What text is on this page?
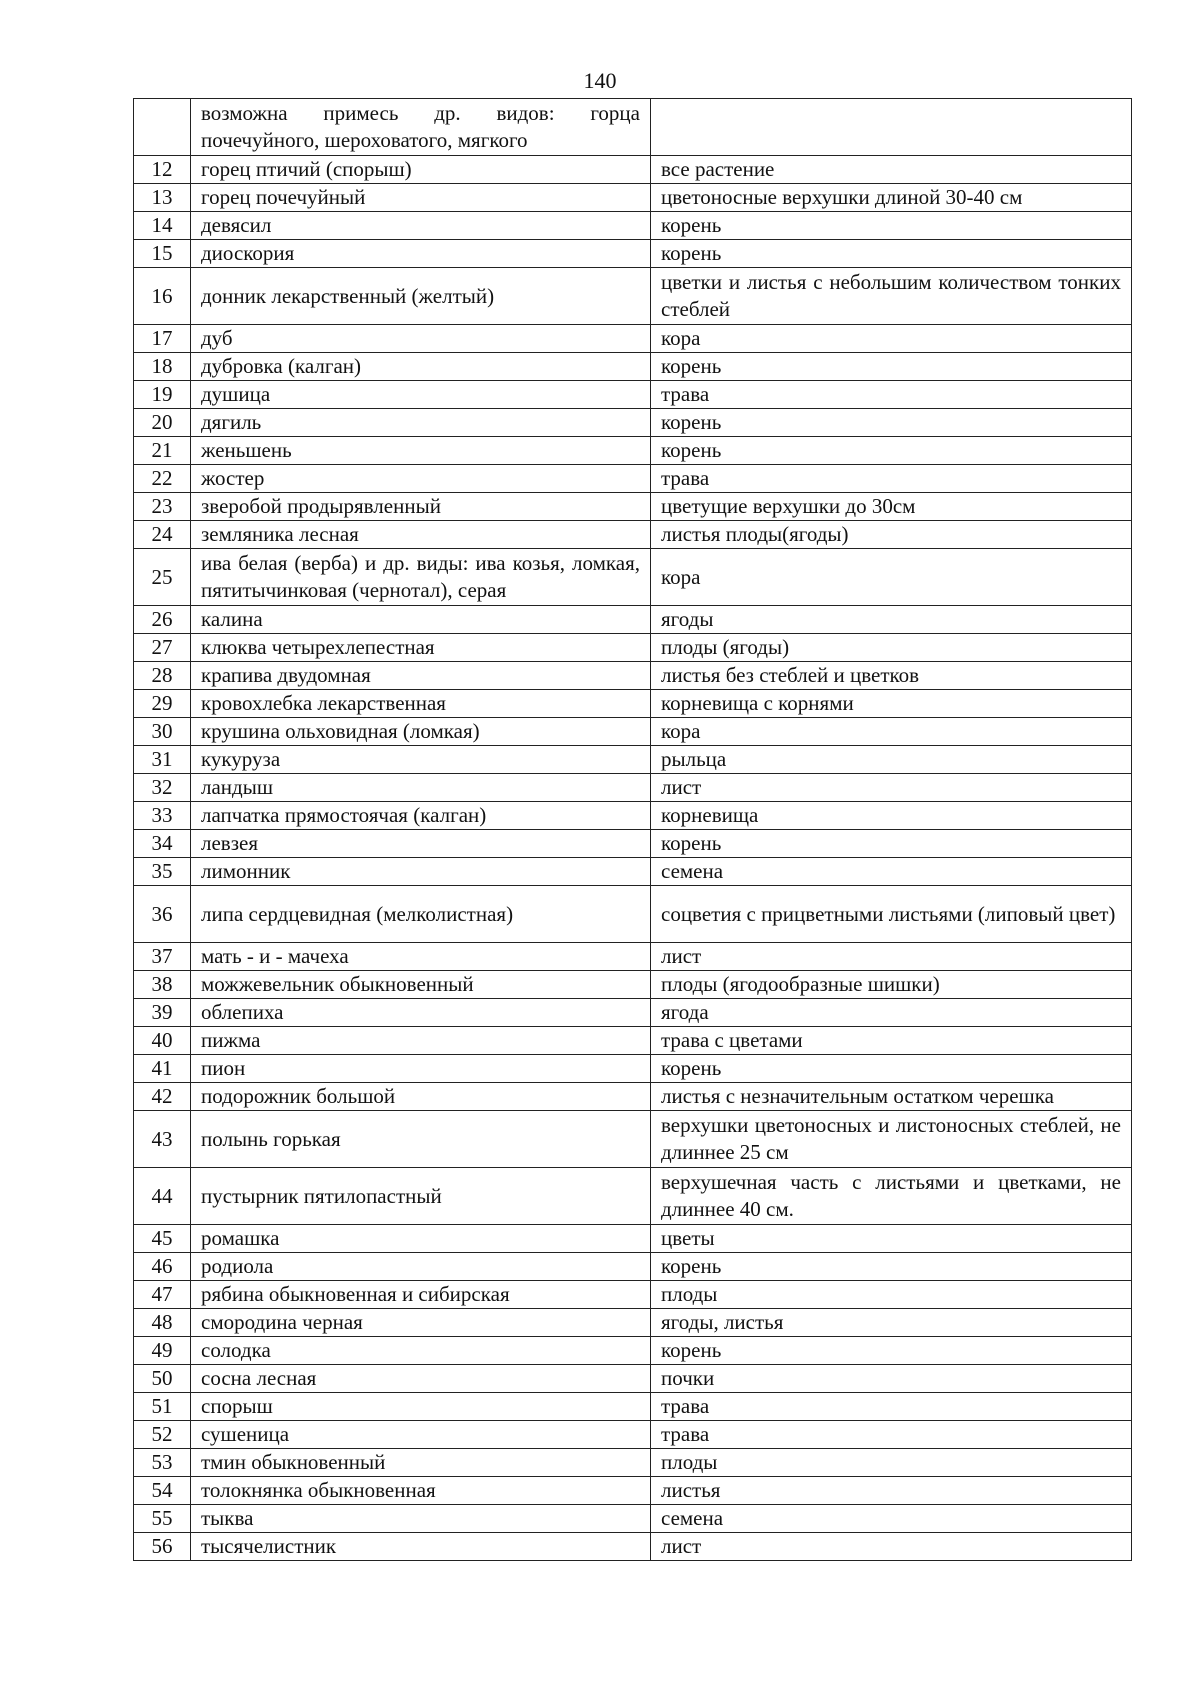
140
	возможна примесь др. видов: горца почечуйного, шероховатого, мягкого	
12	горец птичий (спорыш)	все растение
13	горец почечуйный	цветоносные верхушки длиной 30-40 см
14	девясил	корень
15	диоскория	корень
16	донник лекарственный (желтый)	цветки и листья с небольшим количеством тонких стеблей
17	дуб	кора
18	дубровка (калган)	корень
19	душица	трава
20	дягиль	корень
21	женьшень	корень
22	жостер	трава
23	зверобой продырявленный	цветущие верхушки до 30см
24	земляника лесная	листья плоды(ягоды)
25	ива белая (верба) и др. виды: ива козья, ломкая, пятитычинковая (чернотал), серая	кора
26	калина	ягоды
27	клюква четырехлепестная	плоды (ягоды)
28	крапива двудомная	листья без стеблей и цветков
29	кровохлебка лекарственная	корневища с корнями
30	крушина ольховидная (ломкая)	кора
31	кукуруза	рыльца
32	ландыш	лист
33	лапчатка прямостоячая (калган)	корневища
34	левзея	корень
35	лимонник	семена
36	липа сердцевидная (мелколистная)	соцветия с прицветными листьями (липовый цвет)
37	мать - и - мачеха	лист
38	можжевельник обыкновенный	плоды (ягодообразные шишки)
39	облепиха	ягода
40	пижма	трава с цветами
41	пион	корень
42	подорожник большой	листья с незначительным остатком черешка
43	полынь горькая	верхушки цветоносных и листоносных стеблей, не длиннее 25 см
44	пустырник пятилопастный	верхушечная часть с листьями и цветками, не длиннее 40 см.
45	ромашка	цветы
46	родиола	корень
47	рябина обыкновенная и сибирская	плоды
48	смородина черная	ягоды, листья
49	солодка	корень
50	сосна лесная	почки
51	спорыш	трава
52	сушеница	трава
53	тмин обыкновенный	плоды
54	толокнянка обыкновенная	листья
55	тыква	семена
56	тысячелистник	лист
